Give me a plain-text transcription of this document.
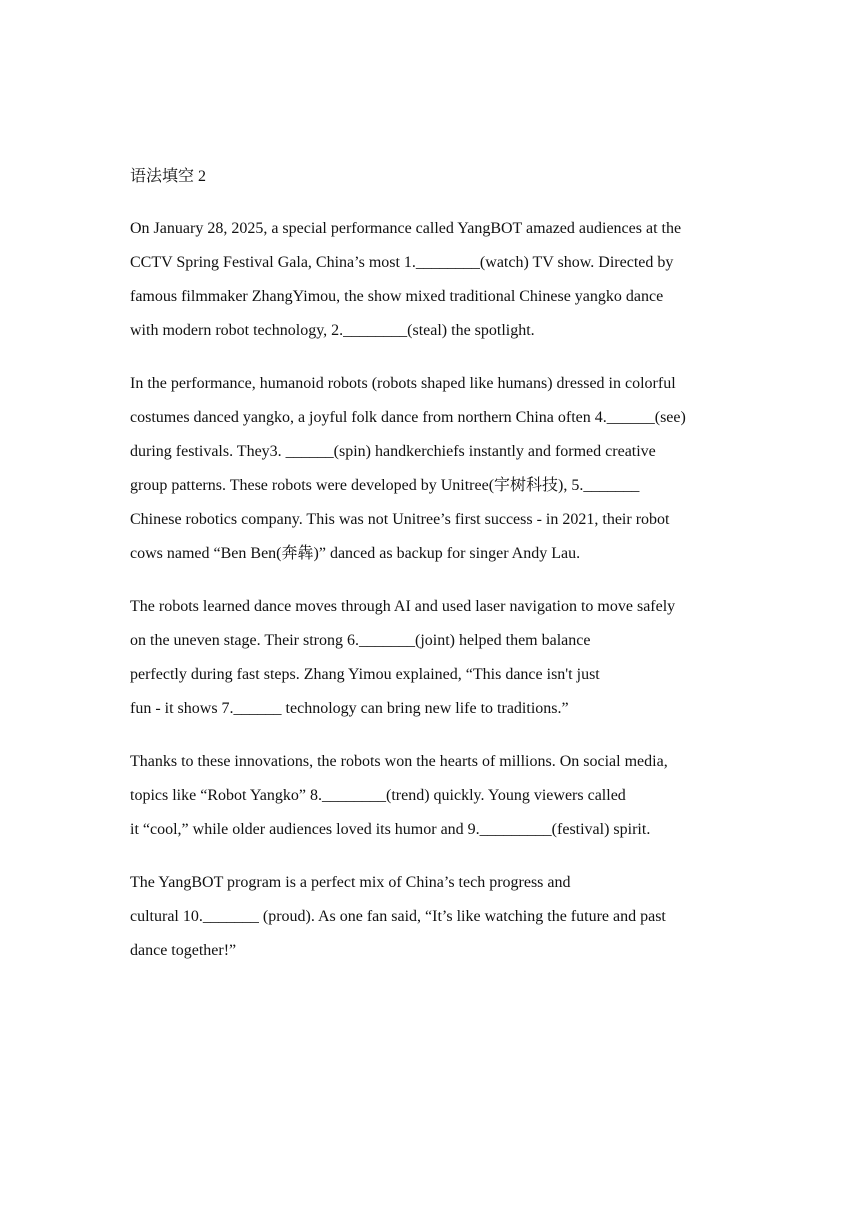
语法填空 2
On January 28, 2025, a special performance called YangBOT amazed audiences at the
CCTV Spring Festival Gala, China’s most 1.________(watch) TV show. Directed by
famous filmmaker ZhangYimou, the show mixed traditional Chinese yangko dance
with modern robot technology, 2.________(steal) the spotlight.
In the performance, humanoid robots (robots shaped like humans) dressed in colorful
costumes danced yangko, a joyful folk dance from northern China often 4.______(see)
during festivals. They3. ______(spin) handkerchiefs instantly and formed creative
group patterns. These robots were developed by Unitree(宇树科技), 5._______
Chinese robotics company. This was not Unitree’s first success - in 2021, their robot
cows named “Ben Ben(奔犇)” danced as backup for singer Andy Lau.
The robots learned dance moves through AI and used laser navigation to move safely
on the uneven stage. Their strong 6._______(joint) helped them balance
perfectly during fast steps. Zhang Yimou explained, “This dance isn't just
fun - it shows 7.______ technology can bring new life to traditions.”
Thanks to these innovations, the robots won the hearts of millions. On social media,
topics like “Robot Yangko” 8.________(trend) quickly. Young viewers called
it “cool,” while older audiences loved its humor and 9._________(festival) spirit.
The YangBOT program is a perfect mix of China’s tech progress and
cultural 10._______ (proud). As one fan said, “It’s like watching the future and past
dance together!”
